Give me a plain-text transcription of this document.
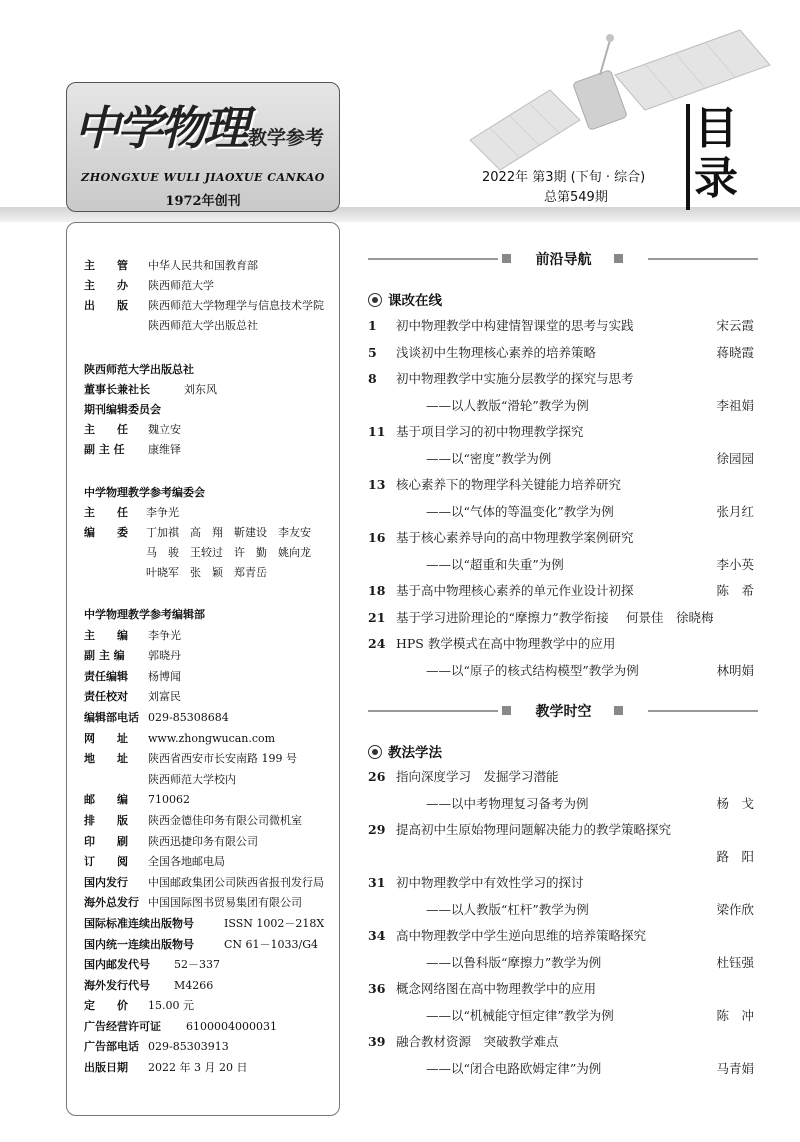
中学物理 教学参考
ZHONGXUE WULI JIAOXUE CANKAO
1972年创刊
2022年 第3期 (下旬 · 综合)
总第549期
目录
主　　管 中华人民共和国教育部
主　　办 陕西师范大学
出　　版 陕西师范大学物理学与信息技术学院
陕西师范大学出版总社
陕西师范大学出版总社
董事长兼社长	刘东风
期刊编辑委员会
主　　任 魏立安
副 主 任 康维铎
中学物理教学参考编委会
主　　任 李争光
编　　委 丁加祺　高　翔　靳建设　李友安
马　骏　王较过　许　勤　姚向龙
叶晓军　张　颖　郑青岳
中学物理教学参考编辑部
主　　编 李争光
副 主 编 郭晓丹
责任编辑 杨博闻
责任校对 刘富民
编辑部电话 029-85308684
网　　址 www.zhongwucan.com
地　　址 陕西省西安市长安南路 199 号
陕西师范大学校内
邮　　编 710062
排　　版 陕西金德佳印务有限公司微机室
印　　刷 陕西迅捷印务有限公司
订　　阅 全国各地邮电局
国内发行 中国邮政集团公司陕西省报刊发行局
海外总发行 中国国际图书贸易集团有限公司
国际标准连续出版物号	ISSN 1002－218X
国内统一连续出版物号	CN 61－1033/G4
国内邮发代号 52－337
海外发行代号 M4266
定　　价 15.00 元
广告经营许可证 6100004000031
广告部电话 029-85303913
出版日期 2022 年 3 月 20 日
前沿导航
课改在线
1	初中物理教学中构建情智课堂的思考与实践	宋云霞
5	浅谈初中生物理核心素养的培养策略	蒋晓霞
8	初中物理教学中实施分层教学的探究与思考
——以人教版“滑轮”教学为例	李祖娟
11 基于项目学习的初中物理教学探究
——以“密度”教学为例	徐园园
13 核心素养下的物理学科关键能力培养研究
——以“气体的等温变化”教学为例	张月红
16 基于核心素养导向的高中物理教学案例研究
——以“超重和失重”为例	李小英
18 基于高中物理核心素养的单元作业设计初探	陈　希
21 基于学习进阶理论的“摩擦力”教学衔接 何景佳　徐晓梅
24 HPS 教学模式在高中物理教学中的应用
——以“原子的核式结构模型”教学为例	林明娟
教学时空
教法学法
26 指向深度学习　发掘学习潜能
——以中考物理复习备考为例	杨　戈
29 提高初中生原始物理问题解决能力的教学策略探究
路　阳
31 初中物理教学中有效性学习的探讨
——以人教版“杠杆”教学为例	梁作欣
34 高中物理教学中学生逆向思维的培养策略探究
——以鲁科版“摩擦力”教学为例	杜钰强
36 概念网络图在高中物理教学中的应用
——以“机械能守恒定律”教学为例	陈　冲
39 融合教材资源　突破教学难点
——以“闭合电路欧姆定律”为例	马青娟
